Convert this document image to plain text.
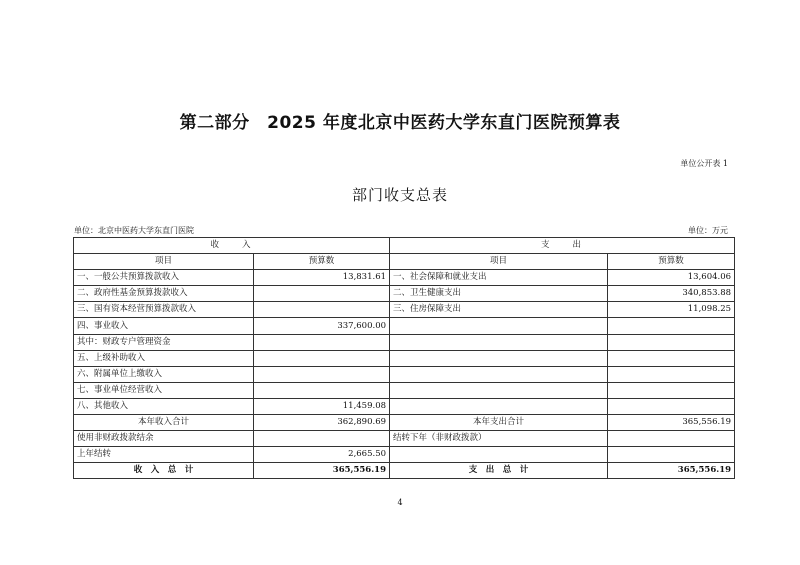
第二部分　2025 年度北京中医药大学东直门医院预算表
单位公开表 1
部门收支总表
单位：北京中医药大学东直门医院	单位：万元
收　　入		支　　出	
项目	预算数	项目	预算数
一、一般公共预算拨款收入	13,831.61	一、社会保障和就业支出	13,604.06
二、政府性基金预算拨款收入		二、卫生健康支出	340,853.88
三、国有资本经营预算拨款收入		三、住房保障支出	11,098.25
四、事业收入	337,600.00		
其中：财政专户管理资金			
五、上级补助收入			
六、附属单位上缴收入			
七、事业单位经营收入			
八、其他收入	11,459.08		
本年收入合计	362,890.69	本年支出合计	365,556.19
使用非财政拨款结余		结转下年（非财政拨款）	
上年结转	2,665.50		
收　入　总　计	365,556.19	支　出　总　计	365,556.19
4
